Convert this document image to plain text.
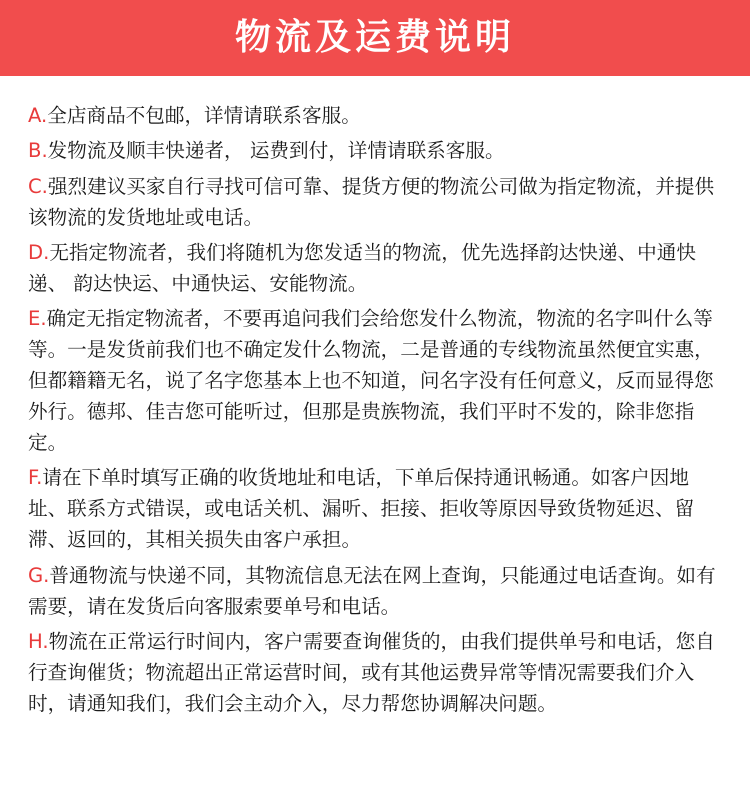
物流及运费说明

A.全店商品不包邮，详情请联系客服。

B.发物流及顺丰快递者， 运费到付，详情请联系客服。

C.强烈建议买家自行寻找可信可靠、提货方便的物流公司做为指定物流，并提供该物流的发货地址或电话。

D.无指定物流者，我们将随机为您发适当的物流，优先选择韵达快递、中通快递、 韵达快运、中通快运、安能物流。

E.确定无指定物流者，不要再追问我们会给您发什么物流，物流的名字叫什么等等。一是发货前我们也不确定发什么物流，二是普通的专线物流虽然便宜实惠，但都籍籍无名，说了名字您基本上也不知道，问名字没有任何意义，反而显得您外行。德邦、佳吉您可能听过，但那是贵族物流，我们平时不发的，除非您指定。

F.请在下单时填写正确的收货地址和电话，下单后保持通讯畅通。如客户因地址、联系方式错误，或电话关机、漏听、拒接、拒收等原因导致货物延迟、留滞、返回的，其相关损失由客户承担。

G.普通物流与快递不同，其物流信息无法在网上查询，只能通过电话查询。如有需要，请在发货后向客服索要单号和电话。

H.物流在正常运行时间内，客户需要查询催货的，由我们提供单号和电话，您自行查询催货；物流超出正常运营时间，或有其他运费异常等情况需要我们介入时，请通知我们，我们会主动介入，尽力帮您协调解决问题。
